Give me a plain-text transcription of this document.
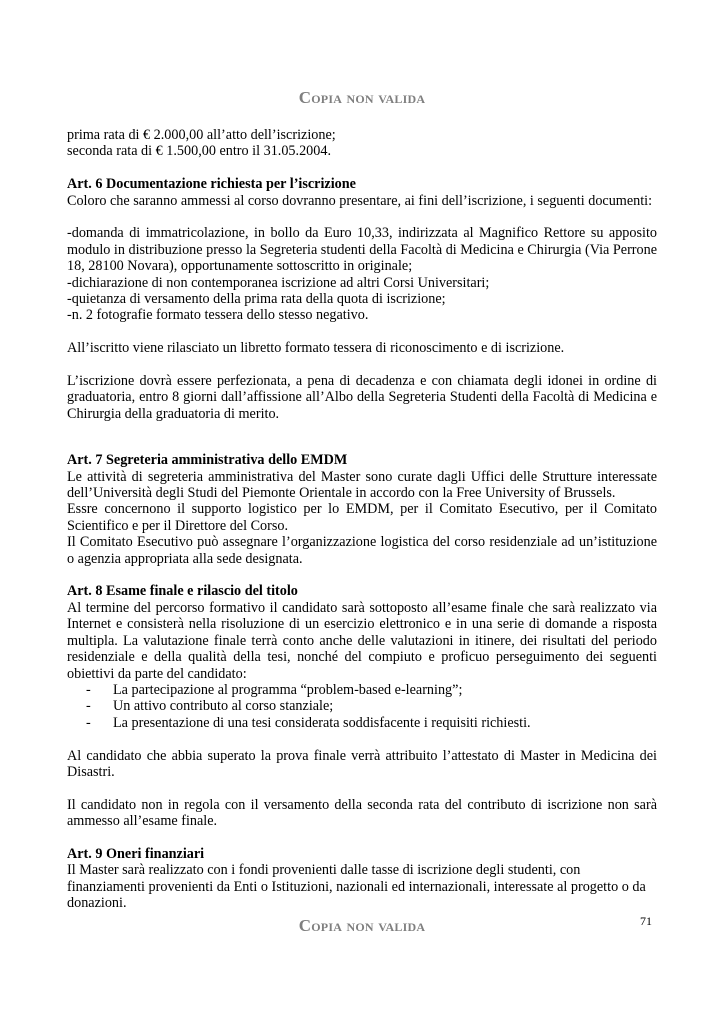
Copia non valida

prima rata di € 2.000,00 all’atto dell’iscrizione;

seconda rata di € 1.500,00 entro il 31.05.2004.

Art. 6 Documentazione richiesta per l’iscrizione

Coloro che saranno ammessi al corso dovranno presentare, ai fini dell’iscrizione, i seguenti documenti:

-domanda di immatricolazione, in bollo da Euro 10,33, indirizzata al Magnifico Rettore su apposito modulo in distribuzione presso la Segreteria studenti della Facoltà di Medicina e Chirurgia (Via Perrone 18, 28100 Novara), opportunamente sottoscritto in originale;

-dichiarazione di non contemporanea iscrizione ad altri Corsi Universitari;

-quietanza di versamento della prima rata della quota di iscrizione;

-n. 2 fotografie formato tessera dello stesso negativo.

All’iscritto viene rilasciato un libretto formato tessera di riconoscimento e di iscrizione.

L’iscrizione dovrà essere perfezionata, a pena di decadenza e con chiamata degli idonei in ordine di graduatoria, entro 8 giorni dall’affissione all’Albo della Segreteria Studenti della Facoltà di Medicina e Chirurgia della graduatoria di merito.

Art. 7 Segreteria amministrativa dello EMDM

Le attività di segreteria amministrativa del Master sono curate dagli Uffici delle Strutture interessate dell’Università degli Studi del Piemonte Orientale in accordo con la Free University of Brussels.

Essre concernono il supporto logistico per lo EMDM, per il Comitato Esecutivo, per il Comitato Scientifico e per il Direttore del Corso.

Il Comitato Esecutivo può assegnare l’organizzazione logistica del corso residenziale ad un’istituzione o agenzia appropriata alla sede designata.

Art. 8 Esame finale e rilascio del titolo

Al termine del percorso formativo il candidato sarà sottoposto all’esame finale che sarà realizzato via Internet e consisterà nella risoluzione di un esercizio elettronico e in una serie di domande a risposta multipla. La valutazione finale terrà conto anche delle valutazioni in itinere, dei risultati del periodo residenziale e della qualità della tesi, nonché del compiuto e proficuo perseguimento dei seguenti obiettivi da parte del candidato:

- La partecipazione al programma “problem-based e-learning”;
- Un attivo contributo al corso stanziale;
- La presentazione di una tesi considerata soddisfacente i requisiti richiesti.

Al candidato che abbia superato la prova finale verrà attribuito l’attestato di Master in Medicina dei Disastri.

Il candidato non in regola con il versamento della seconda rata del contributo di iscrizione non sarà ammesso all’esame finale.

Art. 9 Oneri finanziari

Il Master sarà realizzato con i fondi provenienti dalle tasse di iscrizione degli studenti, con finanziamenti provenienti da Enti o Istituzioni, nazionali ed internazionali, interessate al progetto o da donazioni.

71
Copia non valida
